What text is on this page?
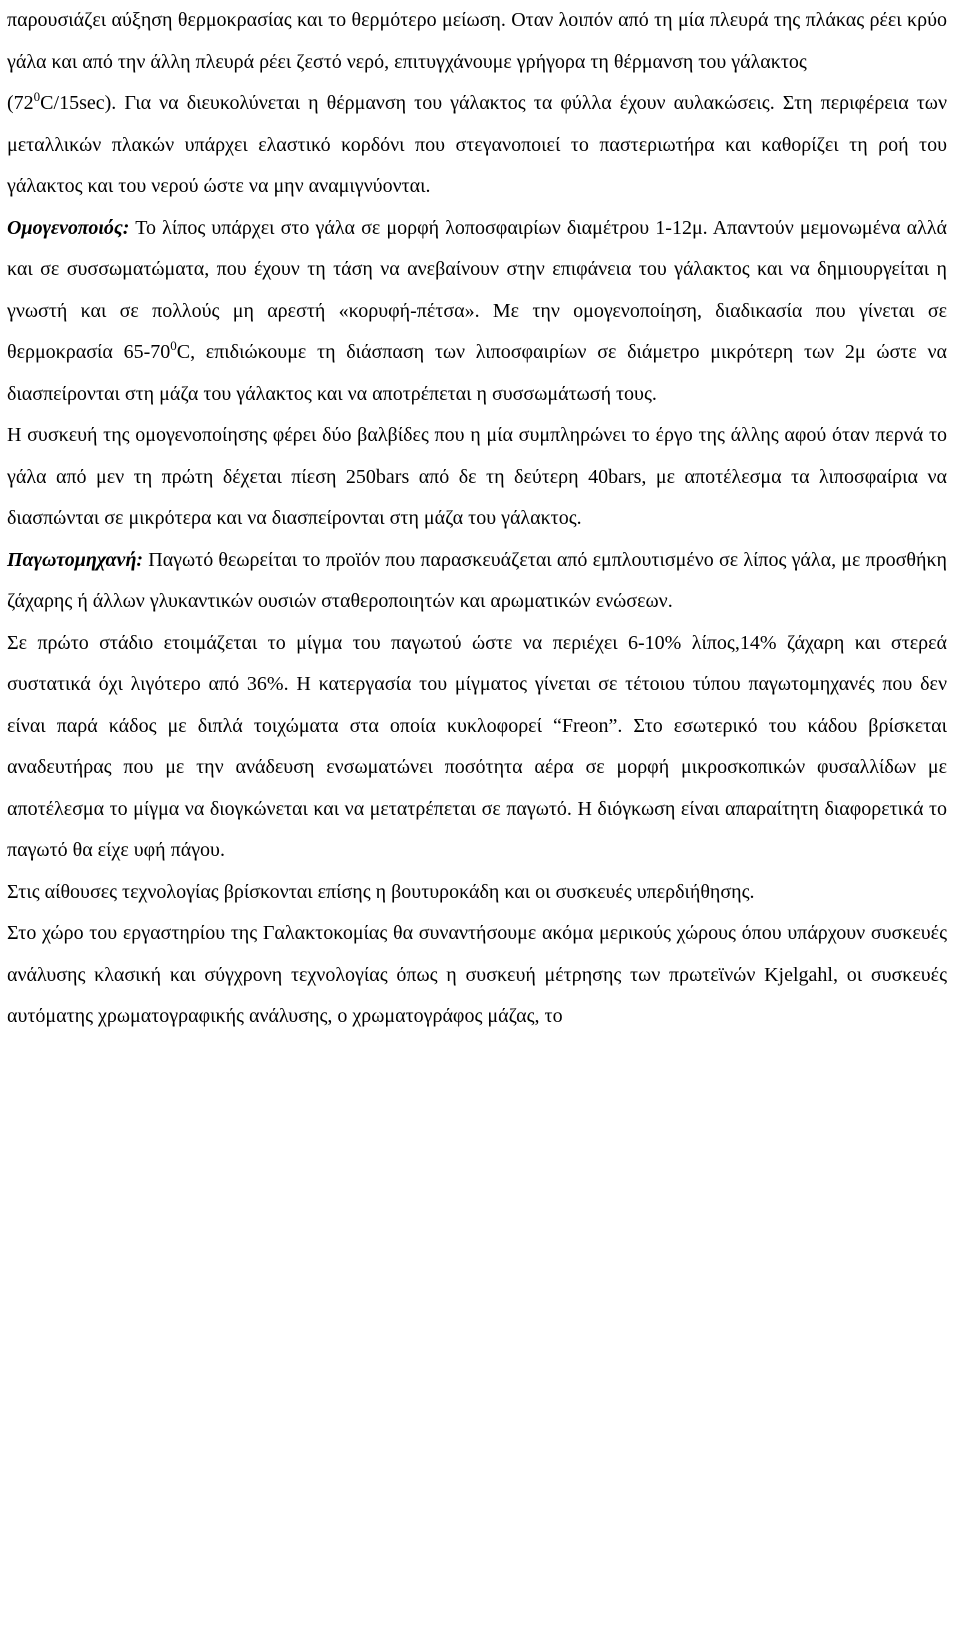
παρουσιάζει αύξηση θερμοκρασίας και το θερμότερο μείωση. Οταν λοιπόν από τη μία πλευρά της πλάκας ρέει κρύο γάλα και από την άλλη πλευρά ρέει ζεστό νερό, επιτυγχάνουμε γρήγορα τη θέρμανση του γάλακτος
$(72^0C/15\sec)$. Για να διευκολύνεται η θέρμανση του γάλακτος τα φύλλα έχουν αυλακώσεις. Στη περιφέρεια των μεταλλικών πλακών υπάρχει ελαστικό κορδόνι που στεγανοποιεί το παστεριωτήρα και καθορίζει τη ροή του γάλακτος και του νερού ώστε να μην αναμιγνύονται.

Ομογενοποιός: Το λίπος υπάρχει στο γάλα σε μορφή λοποσφαιρίων διαμέτρου 1-12μ. Απαντούν μεμονωμένα αλλά και σε συσσωματώματα, που έχουν τη τάση να ανεβαίνουν στην επιφάνεια του γάλακτος και να δημιουργείται η γνωστή και σε πολλούς μη αρεστή «κορυφή-πέτσα». Με την ομογενοποίηση, διαδικασία που γίνεται σε θερμοκρασία $65-70^0C$, επιδιώκουμε τη διάσπαση των λιποσφαιρίων σε διάμετρο μικρότερη των 2μ ώστε να διασπείρονται στη μάζα του γάλακτος και να αποτρέπεται η συσσωμάτωσή τους.

Η συσκευή της ομογενοποίησης φέρει δύο βαλβίδες που η μία συμπληρώνει το έργο της άλλης αφού όταν περνά το γάλα από μεν τη πρώτη δέχεται πίεση 250bars από δε τη δεύτερη 40bars, με αποτέλεσμα τα λιποσφαίρια να διασπώνται σε μικρότερα και να διασπείρονται στη μάζα του γάλακτος.

Παγωτομηχανή: Παγωτό θεωρείται το προϊόν που παρασκευάζεται από εμπλουτισμένο σε λίπος γάλα, με προσθήκη ζάχαρης ή άλλων γλυκαντικών ουσιών σταθεροποιητών και αρωματικών ενώσεων.

Σε πρώτο στάδιο ετοιμάζεται το μίγμα του παγωτού ώστε να περιέχει 6-10% λίπος,14% ζάχαρη και στερεά συστατικά όχι λιγότερο από 36%. Η κατεργασία του μίγματος γίνεται σε τέτοιου τύπου παγωτομηχανές που δεν είναι παρά κάδος με διπλά τοιχώματα στα οποία κυκλοφορεί “Freon”. Στο εσωτερικό του κάδου βρίσκεται αναδευτήρας που με την ανάδευση ενσωματώνει ποσότητα αέρα σε μορφή μικροσκοπικών φυσαλλίδων με αποτέλεσμα το μίγμα να διογκώνεται και να μετατρέπεται σε παγωτό. Η διόγκωση είναι απαραίτητη διαφορετικά το παγωτό θα είχε υφή πάγου.

Στις αίθουσες τεχνολογίας βρίσκονται επίσης η βουτυροκάδη και οι συσκευές υπερδιήθησης.

Στο χώρο του εργαστηρίου της Γαλακτοκομίας θα συναντήσουμε ακόμα μερικούς χώρους όπου υπάρχουν συσκευές ανάλυσης κλασική και σύγχρονη τεχνολογίας όπως η συσκευή μέτρησης των πρωτεϊνών Kjelgahl, οι συσκευές αυτόματης χρωματογραφικής ανάλυσης, ο χρωματογράφος μάζας, το
